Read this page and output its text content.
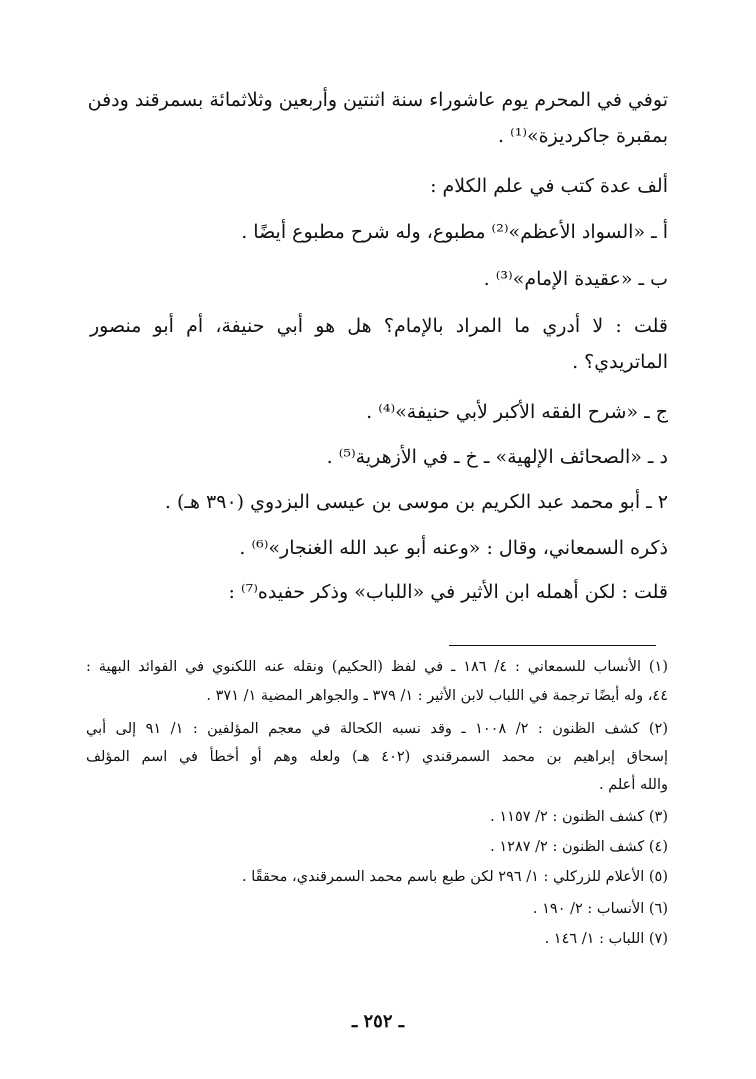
توفي في المحرم يوم عاشوراء سنة اثنتين وأربعين وثلاثمائة بسمرقند ودفن
بمقبرة جاكرديزة»⁽¹⁾ .
ألف عدة كتب في علم الكلام :
أ ـ «السواد الأعظم»⁽²⁾ مطبوع، وله شرح مطبوع أيضًا .
ب ـ «عقيدة الإمام»⁽³⁾ .
قلت : لا أدري ما المراد بالإمام؟ هل هو أبي حنيفة، أم أبو منصور
الماتريدي؟ .
ج ـ «شرح الفقه الأكبر لأبي حنيفة»⁽⁴⁾ .
د ـ «الصحائف الإلهية» ـ خ ـ في الأزهرية⁽⁵⁾ .
٢ ـ أبو محمد عبد الكريم بن موسى بن عيسى البزدوي (٣٩٠ هـ) .
ذكره السمعاني، وقال : «وعنه أبو عبد الله الغنجار»⁽⁶⁾ .
قلت : لكن أهمله ابن الأثير في «اللباب» وذكر حفيده⁽⁷⁾ :
(١) الأنساب للسمعاني : ٤/ ١٨٦ ـ في لفظ (الحكيم) ونقله عنه اللكنوي في الفوائد البهية :
٤٤، وله أيضًا ترجمة في اللباب لابن الأثير : ١/ ٣٧٩ ـ والجواهر المضية ١/ ٣٧١ .
(٢) كشف الظنون : ٢/ ١٠٠٨ ـ وقد نسبه الكحالة في معجم المؤلفين : ١/ ٩١ إلى أبي
إسحاق إبراهيم بن محمد السمرقندي (٤٠٢ هـ) ولعله وهم أو أخطأ في اسم المؤلف
والله أعلم .
(٣) كشف الظنون : ٢/ ١١٥٧ .
(٤) كشف الظنون : ٢/ ١٢٨٧ .
(٥) الأعلام للزركلي : ١/ ٢٩٦ لكن طبع باسم محمد السمرقندي، محققًا .
(٦) الأنساب : ٢/ ١٩٠ .
(٧) اللباب : ١/ ١٤٦ .
ـ ٢٥٢ ـ
